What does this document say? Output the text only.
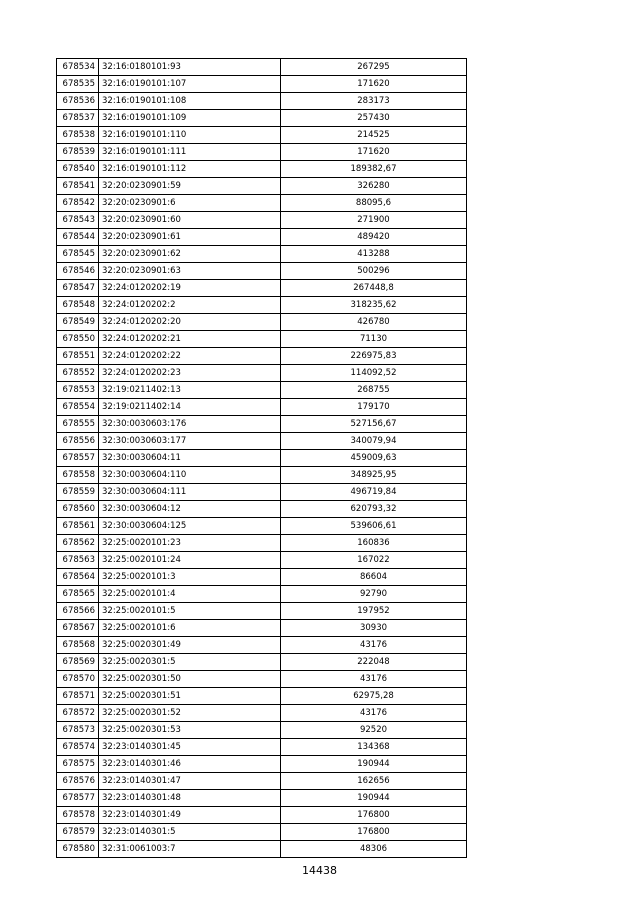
678534	32:16:0180101:93	267295
678535	32:16:0190101:107	171620
678536	32:16:0190101:108	283173
678537	32:16:0190101:109	257430
678538	32:16:0190101:110	214525
678539	32:16:0190101:111	171620
678540	32:16:0190101:112	189382,67
678541	32:20:0230901:59	326280
678542	32:20:0230901:6	88095,6
678543	32:20:0230901:60	271900
678544	32:20:0230901:61	489420
678545	32:20:0230901:62	413288
678546	32:20:0230901:63	500296
678547	32:24:0120202:19	267448,8
678548	32:24:0120202:2	318235,62
678549	32:24:0120202:20	426780
678550	32:24:0120202:21	71130
678551	32:24:0120202:22	226975,83
678552	32:24:0120202:23	114092,52
678553	32:19:0211402:13	268755
678554	32:19:0211402:14	179170
678555	32:30:0030603:176	527156,67
678556	32:30:0030603:177	340079,94
678557	32:30:0030604:11	459009,63
678558	32:30:0030604:110	348925,95
678559	32:30:0030604:111	496719,84
678560	32:30:0030604:12	620793,32
678561	32:30:0030604:125	539606,61
678562	32:25:0020101:23	160836
678563	32:25:0020101:24	167022
678564	32:25:0020101:3	86604
678565	32:25:0020101:4	92790
678566	32:25:0020101:5	197952
678567	32:25:0020101:6	30930
678568	32:25:0020301:49	43176
678569	32:25:0020301:5	222048
678570	32:25:0020301:50	43176
678571	32:25:0020301:51	62975,28
678572	32:25:0020301:52	43176
678573	32:25:0020301:53	92520
678574	32:23:0140301:45	134368
678575	32:23:0140301:46	190944
678576	32:23:0140301:47	162656
678577	32:23:0140301:48	190944
678578	32:23:0140301:49	176800
678579	32:23:0140301:5	176800
678580	32:31:0061003:7	48306
14438
